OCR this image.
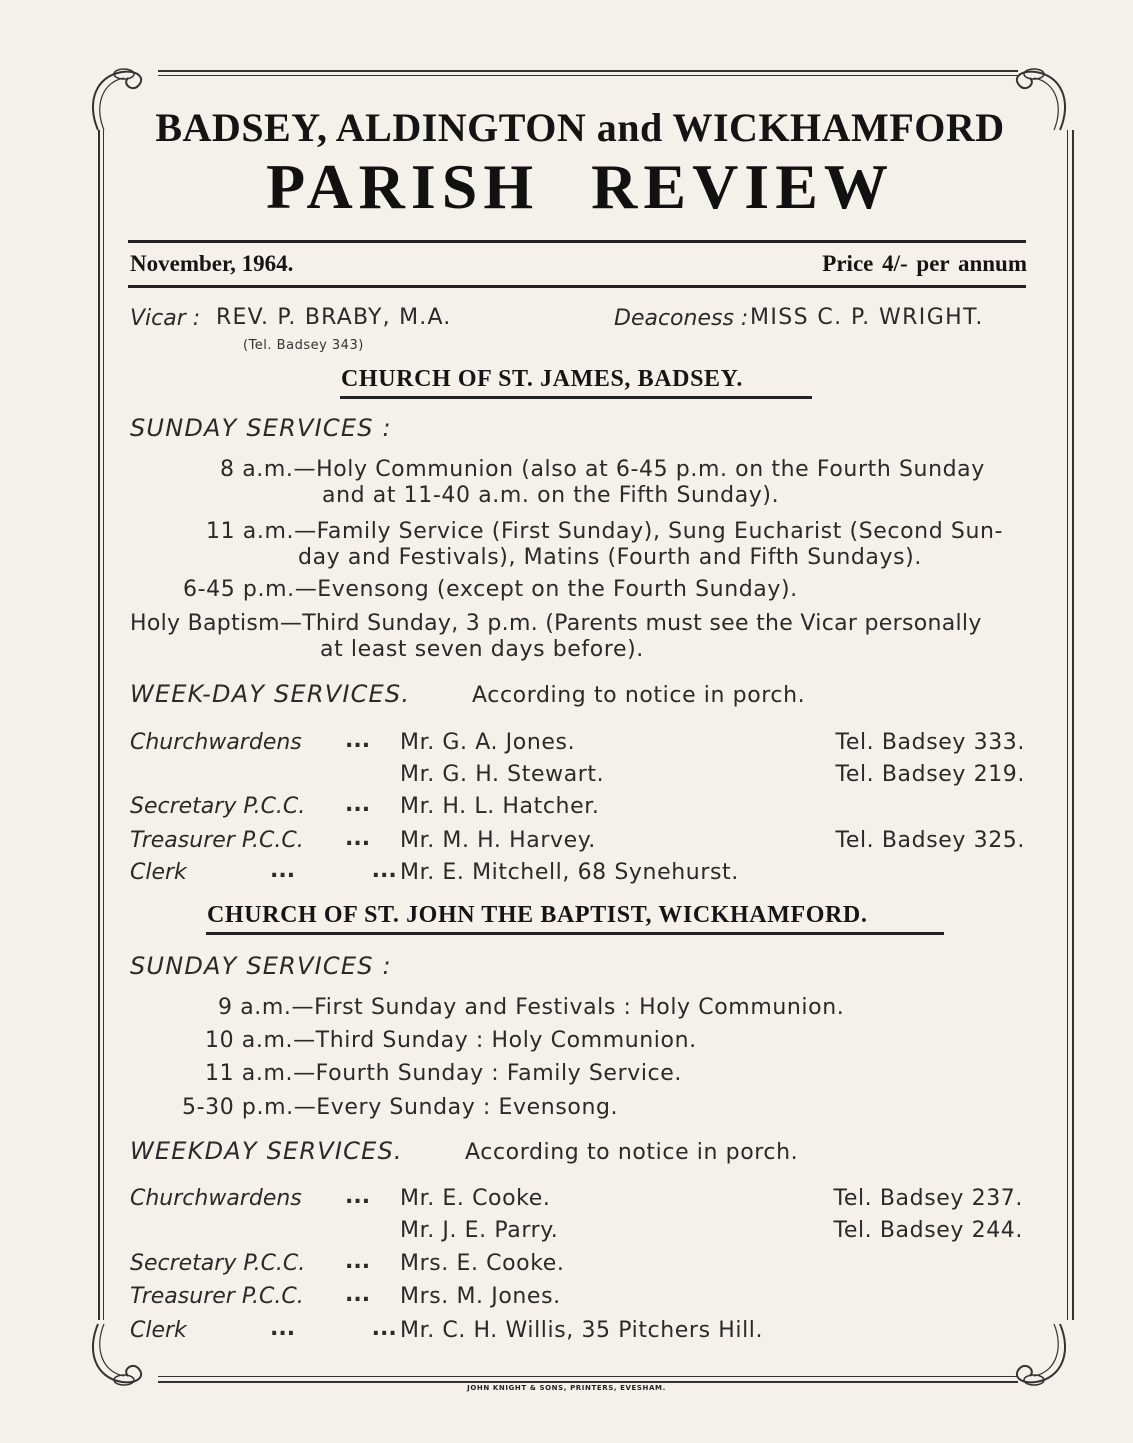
BADSEY, ALDINGTON and WICKHAMFORD
PARISH REVIEW
November, 1964.	Price 4/- per annum
Vicar : REV. P. BRABY, M.A.
(Tel. Badsey 343)
Deaconess : MISS C. P. WRIGHT.
CHURCH OF ST. JAMES, BADSEY.
SUNDAY SERVICES :
8 a.m.—Holy Communion (also at 6-45 p.m. on the Fourth Sunday
and at 11-40 a.m. on the Fifth Sunday).
11 a.m.—Family Service (First Sunday), Sung Eucharist (Second Sun-
day and Festivals), Matins (Fourth and Fifth Sundays).
6-45 p.m.—Evensong (except on the Fourth Sunday).
Holy Baptism—Third Sunday, 3 p.m. (Parents must see the Vicar personally
at least seven days before).
WEEK-DAY SERVICES.	According to notice in porch.
Churchwardens ... Mr. G. A. Jones.	Tel. Badsey 333.
Mr. G. H. Stewart.	Tel. Badsey 219.
Secretary P.C.C. ... Mr. H. L. Hatcher.
Treasurer P.C.C. ... Mr. M. H. Harvey.	Tel. Badsey 325.
Clerk	...          ... Mr. E. Mitchell, 68 Synehurst.
CHURCH OF ST. JOHN THE BAPTIST, WICKHAMFORD.
SUNDAY SERVICES :
9 a.m.—First Sunday and Festivals : Holy Communion.
10 a.m.—Third Sunday : Holy Communion.
11 a.m.—Fourth Sunday : Family Service.
5-30 p.m.—Every Sunday : Evensong.
WEEKDAY SERVICES.	According to notice in porch.
Churchwardens ... Mr. E. Cooke.	Tel. Badsey 237.
Mr. J. E. Parry.	Tel. Badsey 244.
Secretary P.C.C. ... Mrs. E. Cooke.
Treasurer P.C.C. ... Mrs. M. Jones.
Clerk	...          ... Mr. C. H. Willis, 35 Pitchers Hill.
JOHN KNIGHT & SONS, PRINTERS, EVESHAM.
